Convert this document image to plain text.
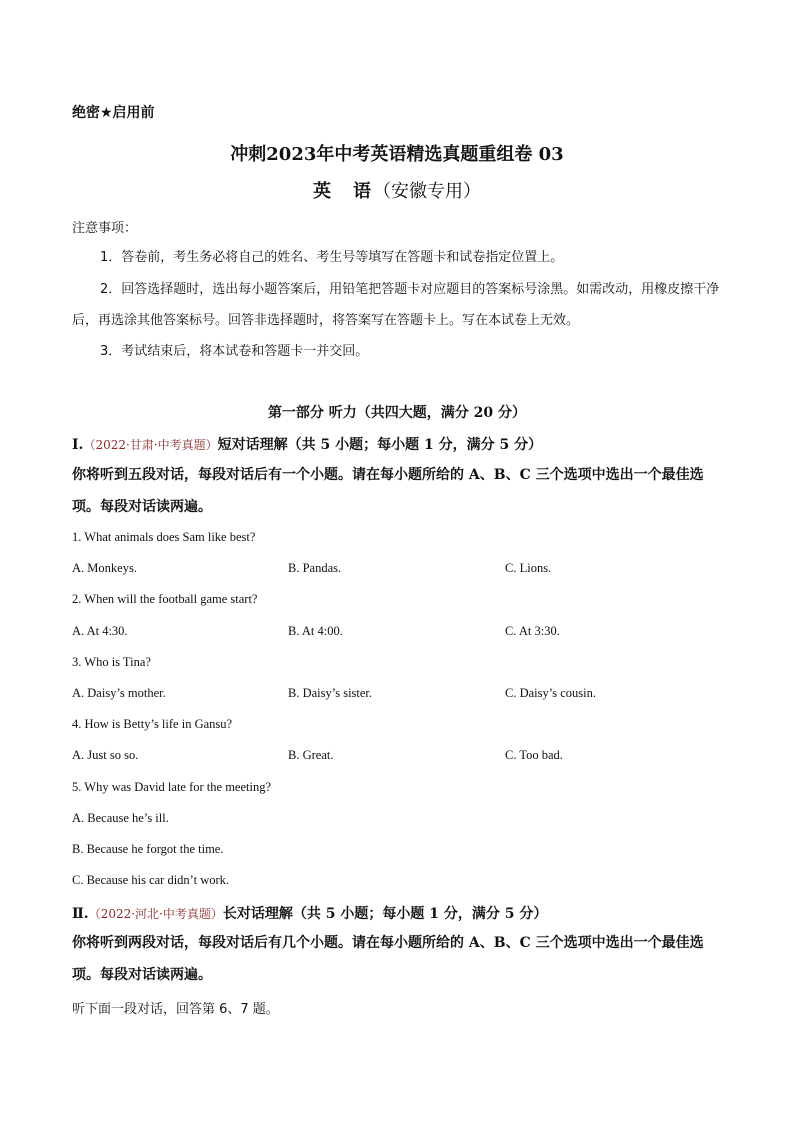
绝密★启用前
冲刺2023年中考英语精选真题重组卷 03
英　语（安徽专用）
注意事项：
1．答卷前，考生务必将自己的姓名、考生号等填写在答题卡和试卷指定位置上。
2．回答选择题时，选出每小题答案后，用铅笔把答题卡对应题目的答案标号涂黑。如需改动，用橡皮擦干净后，再选涂其他答案标号。回答非选择题时，将答案写在答题卡上。写在本试卷上无效。
3．考试结束后，将本试卷和答题卡一并交回。
第一部分 听力（共四大题，满分 20 分）
Ⅰ.（2022·甘肃·中考真题）短对话理解（共 5 小题；每小题 1 分，满分 5 分）
你将听到五段对话，每段对话后有一个小题。请在每小题所给的 A、B、C 三个选项中选出一个最佳选项。每段对话读两遍。
1. What animals does Sam like best?
A. Monkeys.	B. Pandas.	C. Lions.
2. When will the football game start?
A. At 4:30.	B. At 4:00.	C. At 3:30.
3. Who is Tina?
A. Daisy’s mother.	B. Daisy’s sister.	C. Daisy’s cousin.
4. How is Betty’s life in Gansu?
A. Just so so.	B. Great.	C. Too bad.
5. Why was David late for the meeting?
A. Because he’s ill.
B. Because he forgot the time.
C. Because his car didn’t work.
Ⅱ.（2022·河北·中考真题）长对话理解（共 5 小题；每小题 1 分，满分 5 分）
你将听到两段对话，每段对话后有几个小题。请在每小题所给的 A、B、C 三个选项中选出一个最佳选项。每段对话读两遍。
听下面一段对话，回答第 6、7 题。
